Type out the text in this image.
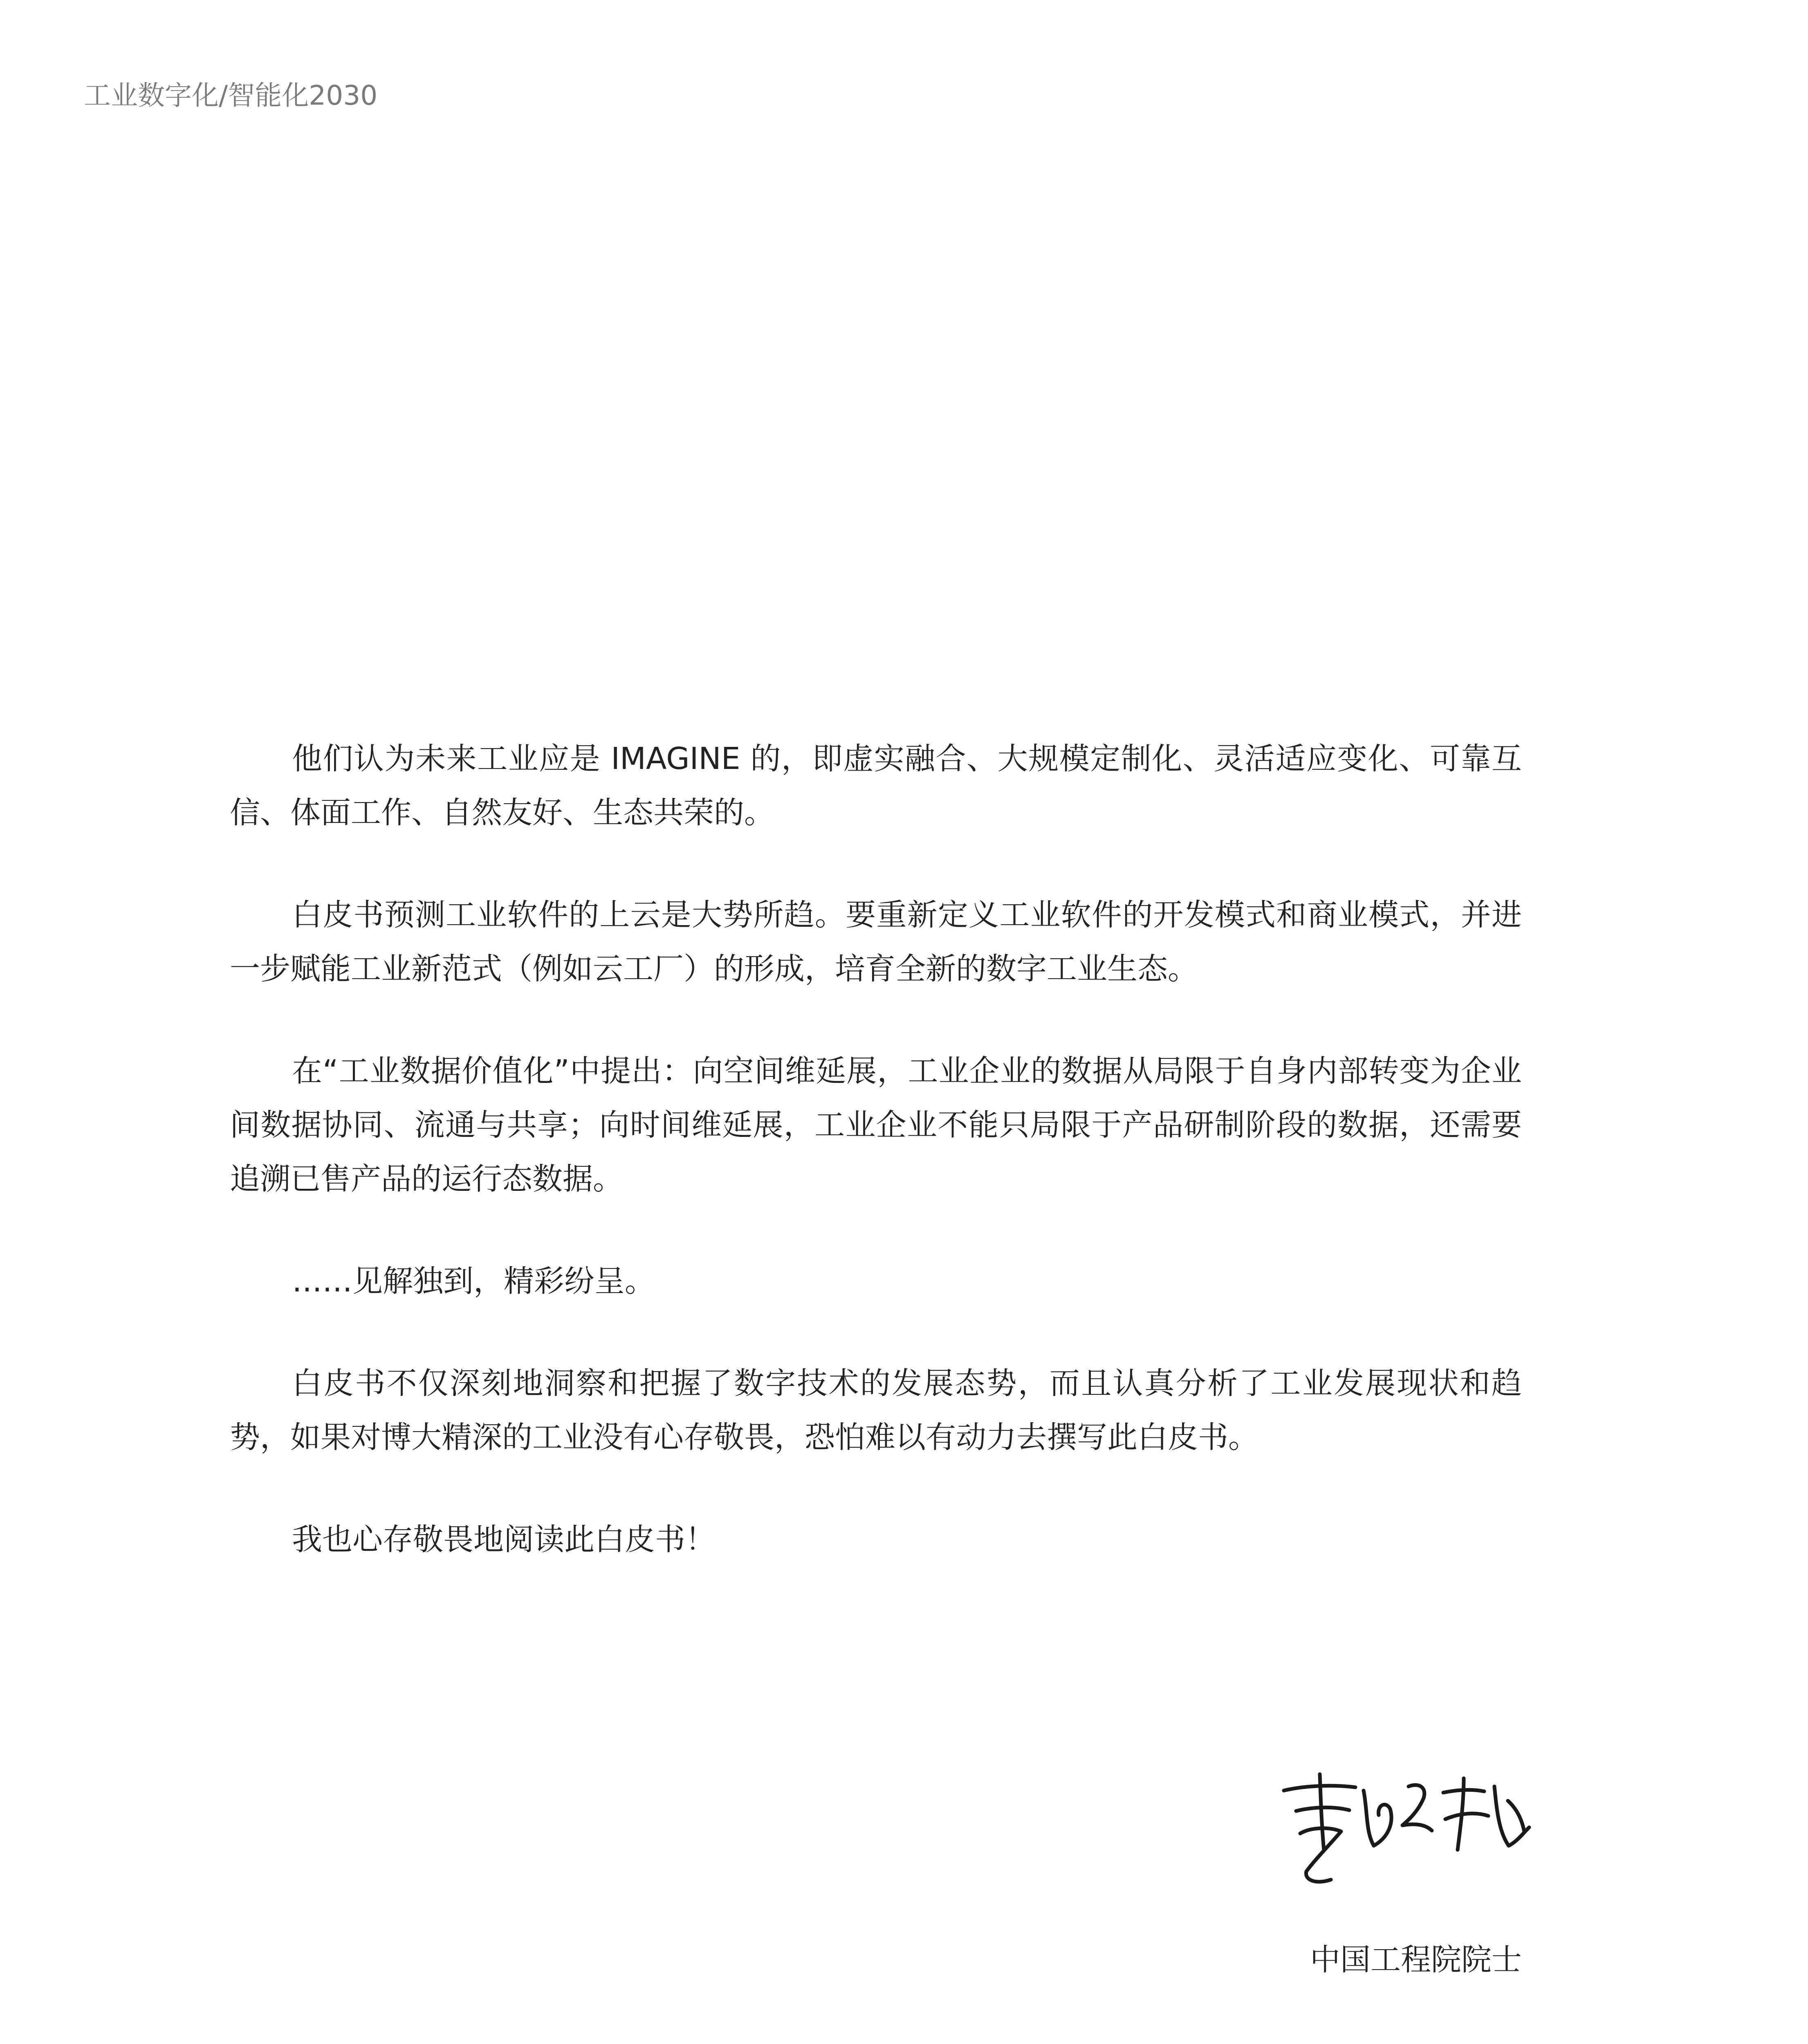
工业数字化/智能化2030

他们认为未来工业应是 IMAGINE 的，即虚实融合、大规模定制化、灵活适应变化、可靠互信、体面工作、自然友好、生态共荣的。

白皮书预测工业软件的上云是大势所趋。要重新定义工业软件的开发模式和商业模式，并进一步赋能工业新范式（例如云工厂）的形成，培育全新的数字工业生态。

在“工业数据价值化”中提出：向空间维延展，工业企业的数据从局限于自身内部转变为企业间数据协同、流通与共享；向时间维延展，工业企业不能只局限于产品研制阶段的数据，还需要追溯已售产品的运行态数据。

……见解独到，精彩纷呈。

白皮书不仅深刻地洞察和把握了数字技术的发展态势，而且认真分析了工业发展现状和趋势，如果对博大精深的工业没有心存敬畏，恐怕难以有动力去撰写此白皮书。

我也心存敬畏地阅读此白皮书！

中国工程院院士
